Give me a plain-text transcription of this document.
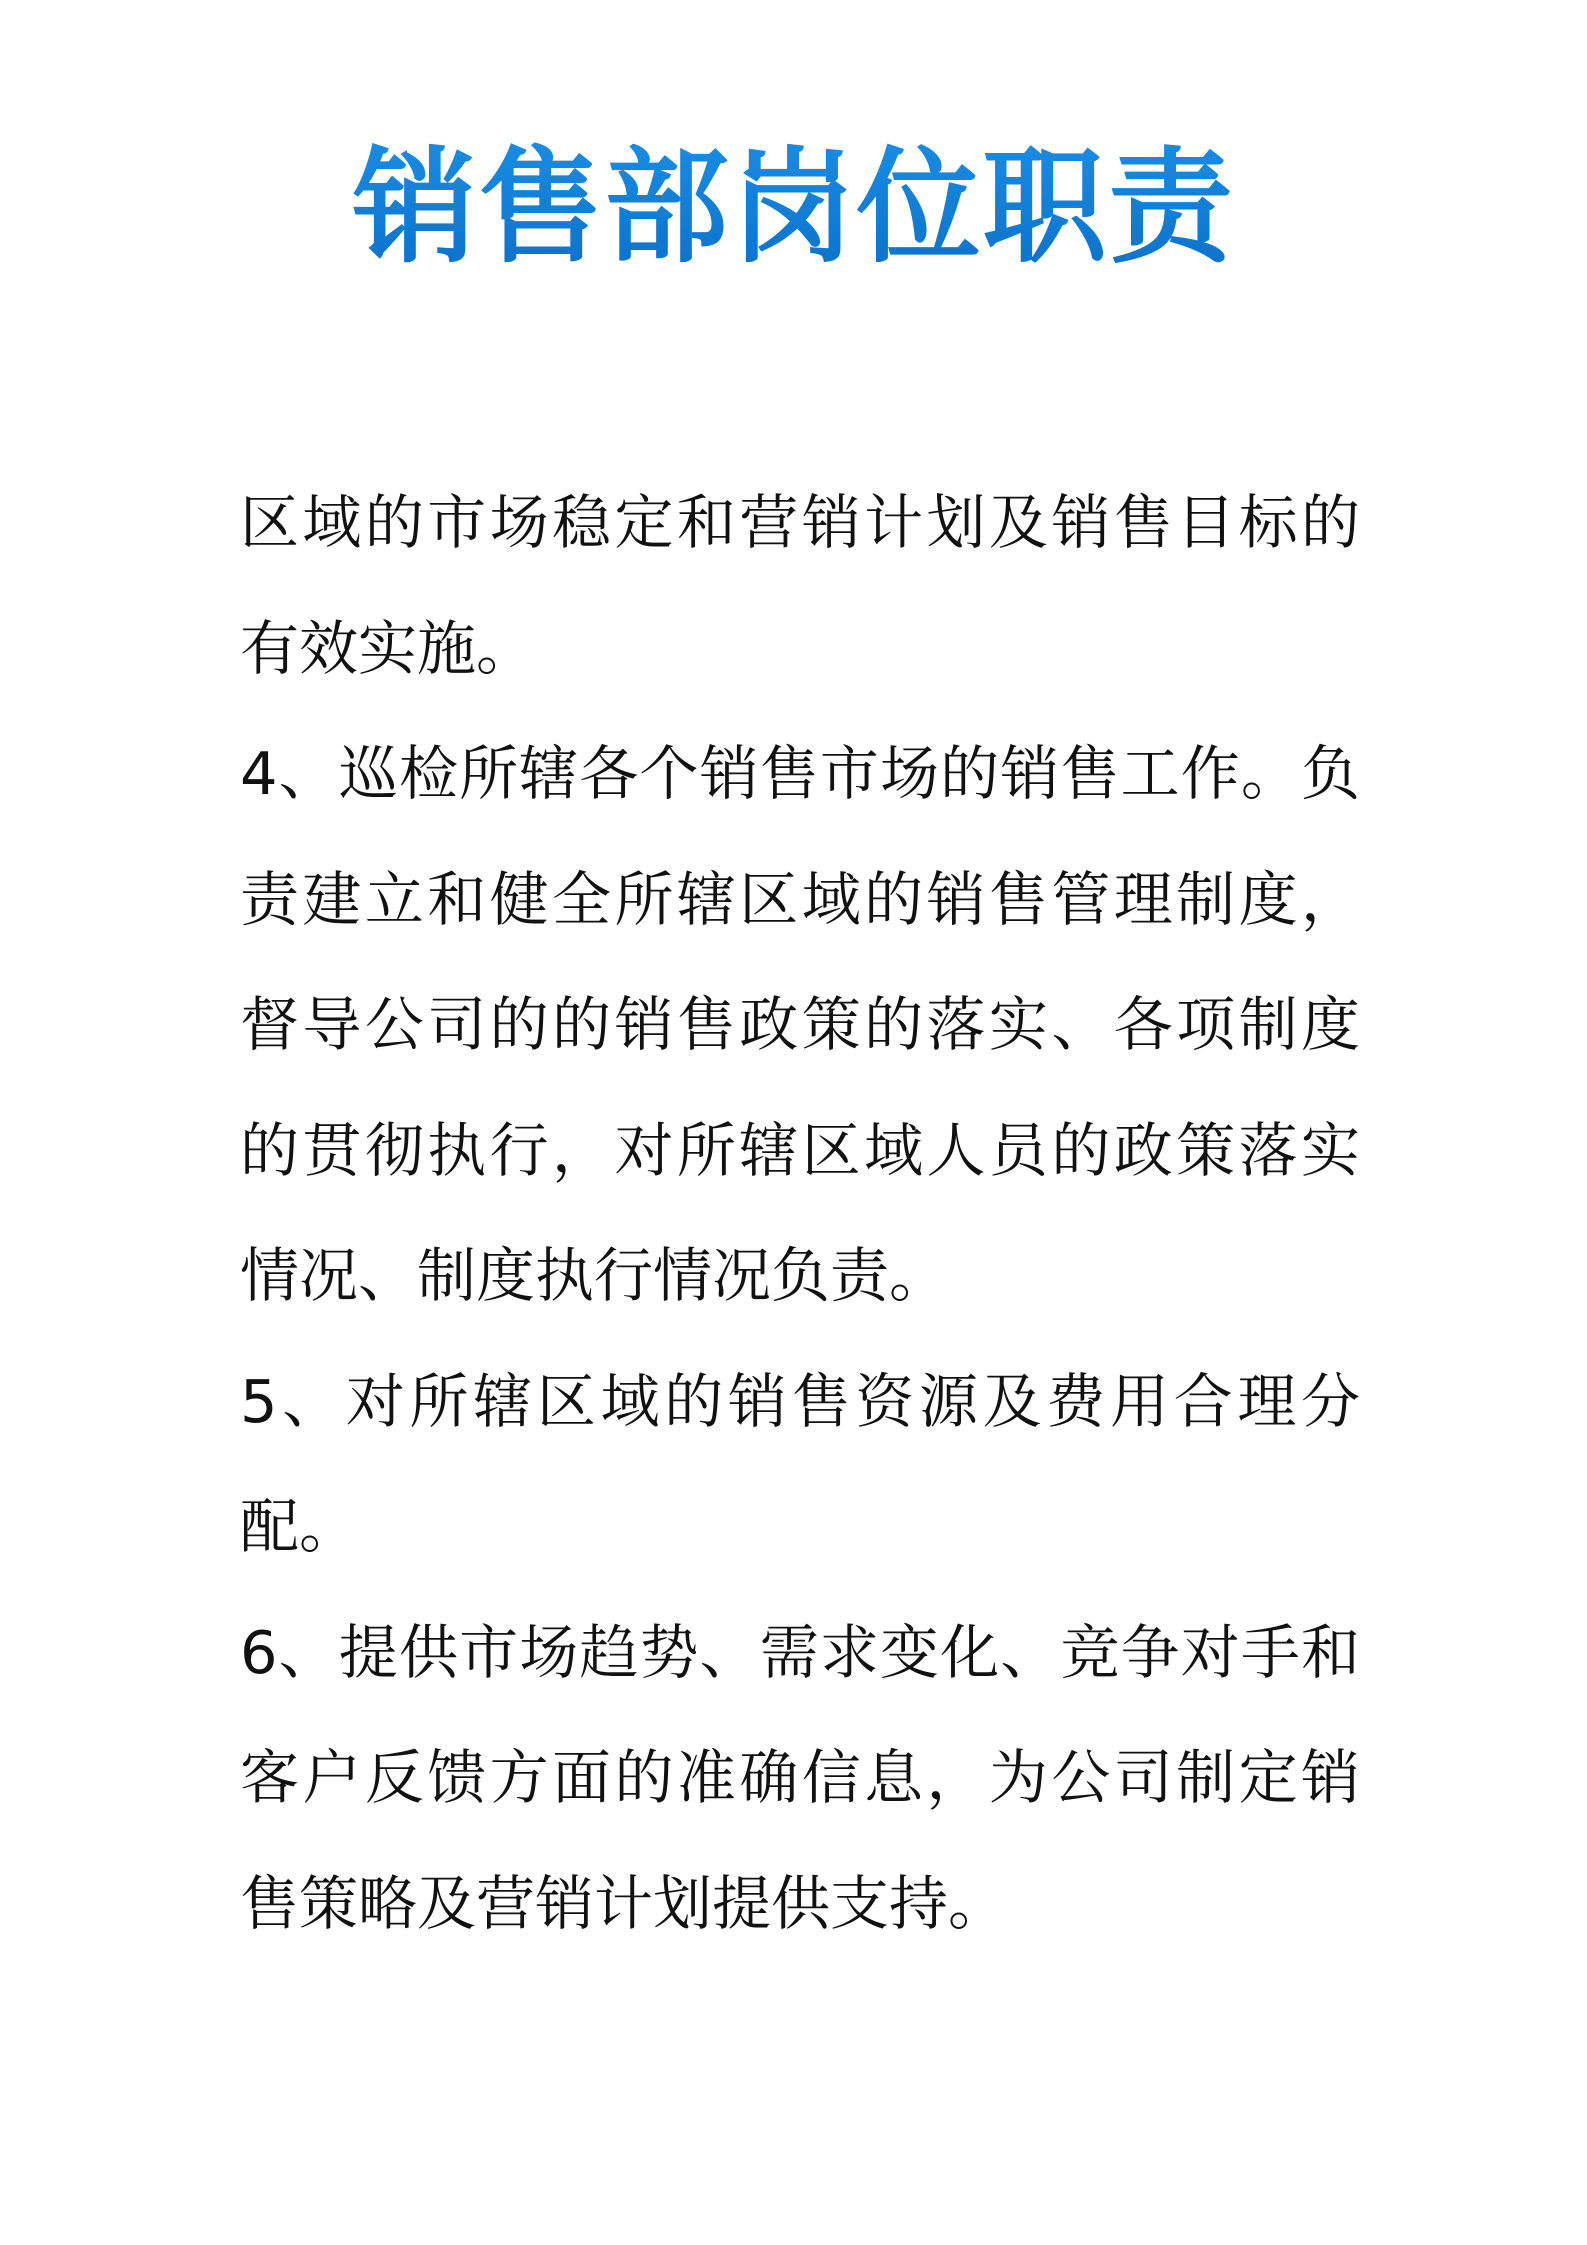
销售部岗位职责

区域的市场稳定和营销计划及销售目标的有效实施。

4、巡检所辖各个销售市场的销售工作。负责建立和健全所辖区域的销售管理制度，督导公司的的销售政策的落实、各项制度的贯彻执行，对所辖区域人员的政策落实情况、制度执行情况负责。

5、对所辖区域的销售资源及费用合理分配。

6、提供市场趋势、需求变化、竞争对手和客户反馈方面的准确信息，为公司制定销售策略及营销计划提供支持。
